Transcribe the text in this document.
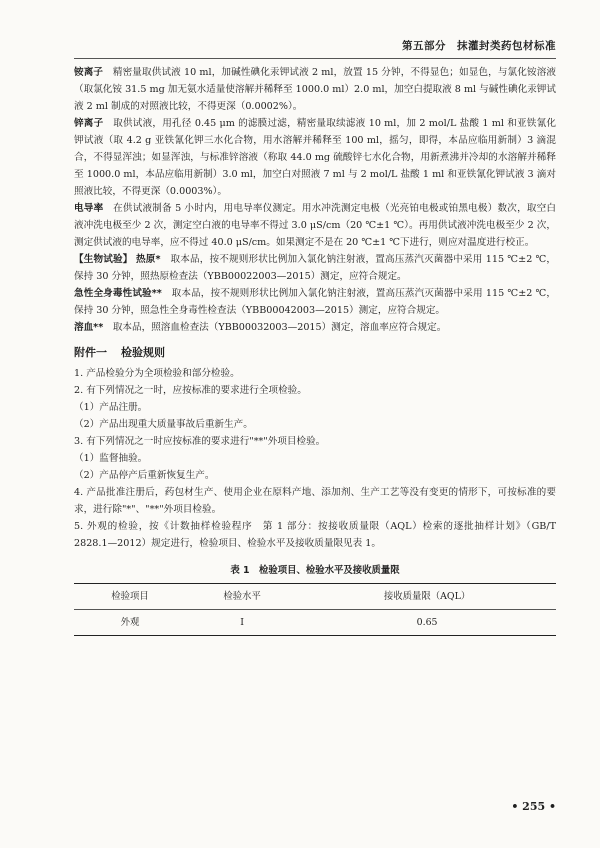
第五部分　抹灌封类药包材标准

铵离子　精密量取供试液 10 ml，加碱性碘化汞钾试液 2 ml，放置 15 分钟，不得显色；如显色，与氯化铵溶液（取氯化铵 31.5 mg 加无氨水适量使溶解并稀释至 1000.0 ml）2.0 ml，加空白提取液 8 ml 与碱性碘化汞钾试液 2 ml 制成的对照液比较，不得更深（0.0002%）。

锌离子　取供试液，用孔径 0.45 μm 的滤膜过滤，精密量取续滤液 10 ml，加 2 mol/L 盐酸 1 ml 和亚铁氰化钾试液（取 4.2 g 亚铁氰化钾三水化合物，用水溶解并稀释至 100 ml，摇匀，即得，本品应临用新制）3 滴混合，不得显浑浊；如显浑浊，与标准锌溶液（称取 44.0 mg 硫酸锌七水化合物，用新煮沸并冷却的水溶解并稀释至 1000.0 ml，本品应临用新制）3.0 ml，加空白对照液 7 ml 与 2 mol/L 盐酸 1 ml 和亚铁氰化钾试液 3 滴对照液比较，不得更深（0.0003%）。

电导率　在供试液制备 5 小时内，用电导率仪测定。用水冲洗测定电极（光亮铂电极或铂黑电极）数次，取空白液冲洗电极至少 2 次，测定空白液的电导率不得过 3.0 μS/cm（20 ℃±1 ℃）。再用供试液冲洗电极至少 2 次，测定供试液的电导率，应不得过 40.0 μS/cm。如果测定不是在 20 ℃±1 ℃下进行，则应对温度进行校正。

【生物试验】 热原*　取本品，按不规则形状比例加入氯化钠注射液，置高压蒸汽灭菌器中采用 115 ℃±2 ℃，保持 30 分钟，照热原检查法（YBB00022003—2015）测定，应符合规定。

急性全身毒性试验**　取本品，按不规则形状比例加入氯化钠注射液，置高压蒸汽灭菌器中采用 115 ℃±2 ℃，保持 30 分钟，照急性全身毒性检查法（YBB00042003—2015）测定，应符合规定。

溶血**　取本品，照溶血检查法（YBB00032003—2015）测定，溶血率应符合规定。

附件一 检验规则

1. 产品检验分为全项检验和部分检验。

2. 有下列情况之一时，应按标准的要求进行全项检验。

（1）产品注册。

（2）产品出现重大质量事故后重新生产。

3. 有下列情况之一时应按标准的要求进行"**"外项目检验。

（1）监督抽验。

（2）产品停产后重新恢复生产。

4. 产品批准注册后，药包材生产、使用企业在原料产地、添加剂、生产工艺等没有变更的情形下，可按标准的要求，进行除"*"、"**"外项目检验。

5. 外观的检验，按《计数抽样检验程序　第 1 部分：按接收质量限（AQL）检索的逐批抽样计划》（GB/T 2828.1—2012）规定进行，检验项目、检验水平及接收质量限见表 1。

表 1　检验项目、检验水平及接收质量限
检验项目	检验水平	接收质量限（AQL）
外观	I	0.65
• 255 •
